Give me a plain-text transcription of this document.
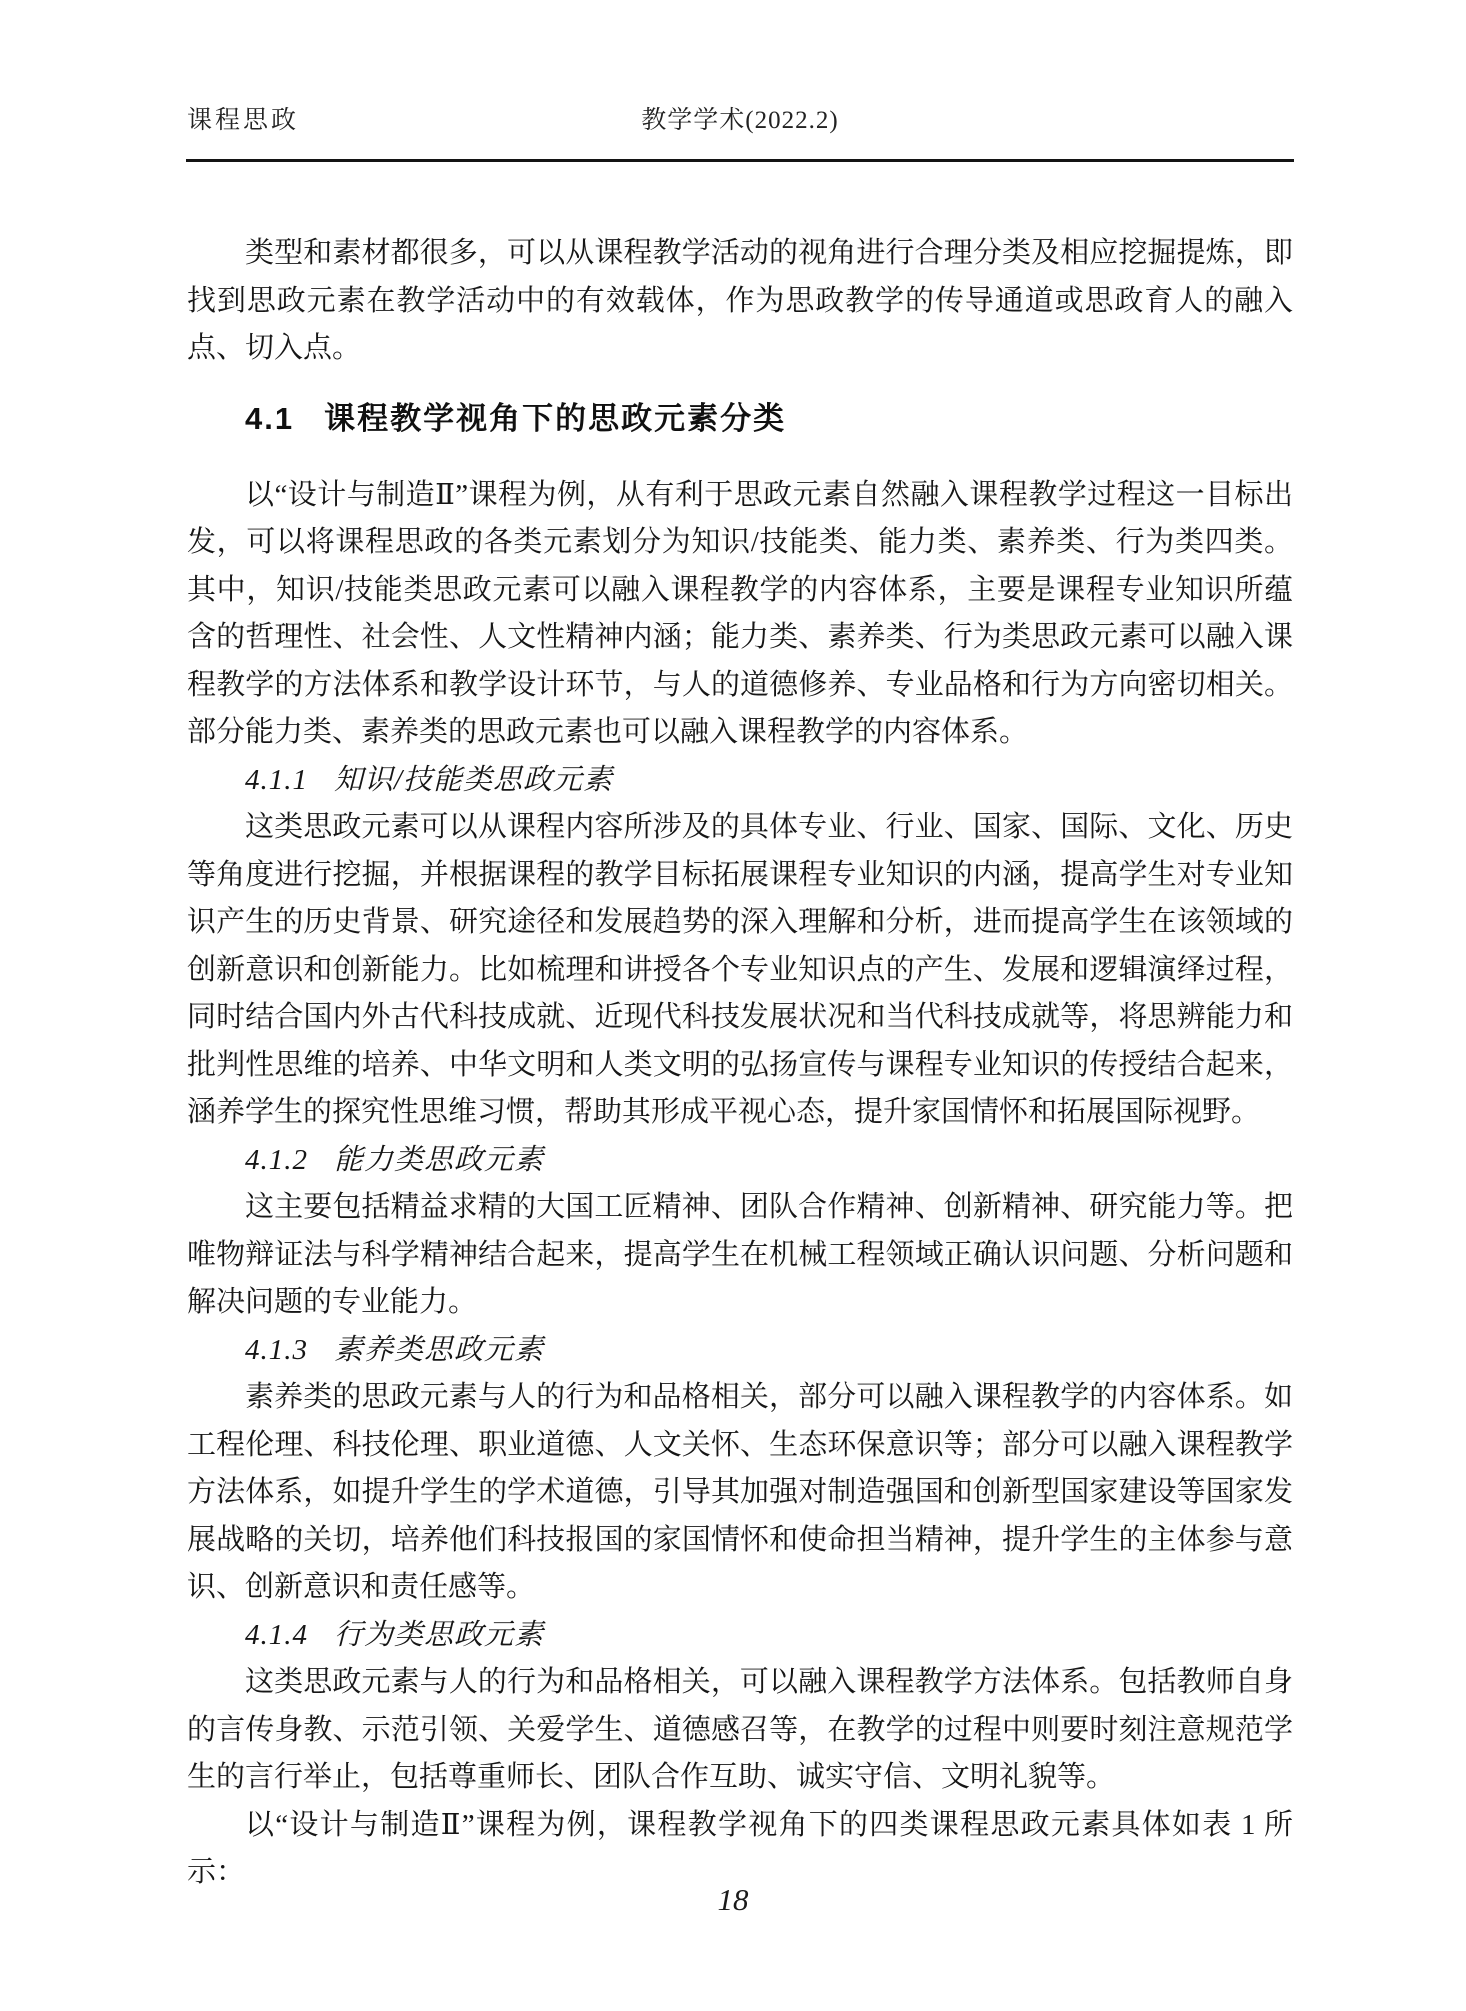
课程思政	教学学术(2022.2)

类型和素材都很多，可以从课程教学活动的视角进行合理分类及相应挖掘提炼，即找到思政元素在教学活动中的有效载体，作为思政教学的传导通道或思政育人的融入点、切入点。

4.1 课程教学视角下的思政元素分类

以“设计与制造Ⅱ”课程为例，从有利于思政元素自然融入课程教学过程这一目标出发，可以将课程思政的各类元素划分为知识/技能类、能力类、素养类、行为类四类。其中，知识/技能类思政元素可以融入课程教学的内容体系，主要是课程专业知识所蕴含的哲理性、社会性、人文性精神内涵；能力类、素养类、行为类思政元素可以融入课程教学的方法体系和教学设计环节，与人的道德修养、专业品格和行为方向密切相关。部分能力类、素养类的思政元素也可以融入课程教学的内容体系。

4.1.1 知识/技能类思政元素

这类思政元素可以从课程内容所涉及的具体专业、行业、国家、国际、文化、历史等角度进行挖掘，并根据课程的教学目标拓展课程专业知识的内涵，提高学生对专业知识产生的历史背景、研究途径和发展趋势的深入理解和分析，进而提高学生在该领域的创新意识和创新能力。比如梳理和讲授各个专业知识点的产生、发展和逻辑演绎过程，同时结合国内外古代科技成就、近现代科技发展状况和当代科技成就等，将思辨能力和批判性思维的培养、中华文明和人类文明的弘扬宣传与课程专业知识的传授结合起来，涵养学生的探究性思维习惯，帮助其形成平视心态，提升家国情怀和拓展国际视野。

4.1.2 能力类思政元素

这主要包括精益求精的大国工匠精神、团队合作精神、创新精神、研究能力等。把唯物辩证法与科学精神结合起来，提高学生在机械工程领域正确认识问题、分析问题和解决问题的专业能力。

4.1.3 素养类思政元素

素养类的思政元素与人的行为和品格相关，部分可以融入课程教学的内容体系。如工程伦理、科技伦理、职业道德、人文关怀、生态环保意识等；部分可以融入课程教学方法体系，如提升学生的学术道德，引导其加强对制造强国和创新型国家建设等国家发展战略的关切，培养他们科技报国的家国情怀和使命担当精神，提升学生的主体参与意识、创新意识和责任感等。

4.1.4 行为类思政元素

这类思政元素与人的行为和品格相关，可以融入课程教学方法体系。包括教师自身的言传身教、示范引领、关爱学生、道德感召等，在教学的过程中则要时刻注意规范学生的言行举止，包括尊重师长、团队合作互助、诚实守信、文明礼貌等。

以“设计与制造Ⅱ”课程为例，课程教学视角下的四类课程思政元素具体如表 1 所示：

18
